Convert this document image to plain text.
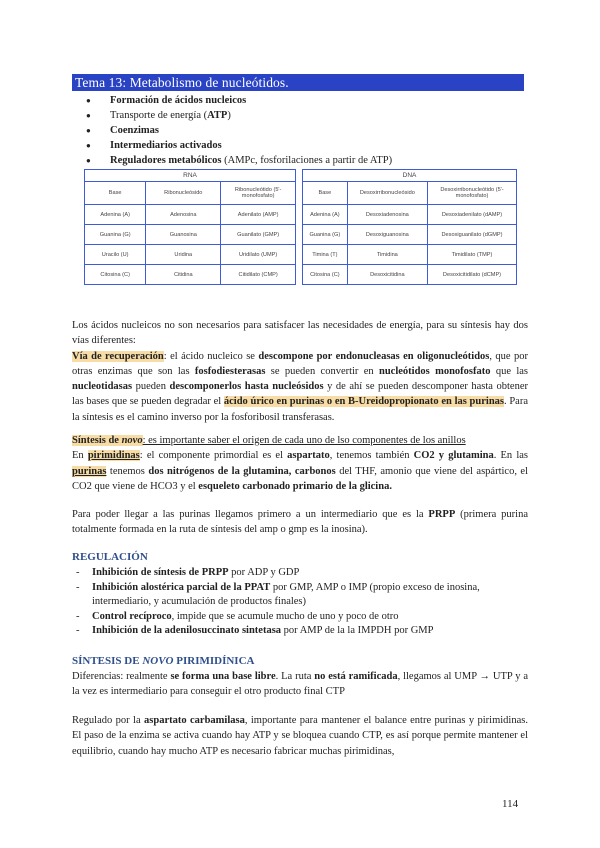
Tema 13: Metabolismo de nucleótidos.
● Formación de ácidos nucleicos
● Transporte de energía (ATP)
● Coenzimas
● Intermediarios activados
● Reguladores metabólicos (AMPc, fosforilaciones a partir de ATP)
RNA		
Base	Ribonucleósido	Ribonucleótido (5'-monofosfato)
Adenina (A)	Adenosina	Adenilato (AMP)
Guanina (G)	Guanosina	Guanilato (GMP)
Uracilo (U)	Uridina	Uridilato (UMP)
Citosina (C)	Citidina	Citidilato (CMP)
DNA		
Base	Desoxirribonucleósido	Desoxirribonucleótido (5'-monofosfato)
Adenina (A)	Desoxiadenosina	Desoxiadenilato (dAMP)
Guanina (G)	Desoxiguanosina	Desoxiguanilato (dGMP)
Timina (T)	Timidina	Timidilato (TMP)
Citosina (C)	Desoxicitidina	Desoxicitidilato (dCMP)
Los ácidos nucleicos no son necesarios para satisfacer las necesidades de energía, para su síntesis hay dos vías diferentes:
Vía de recuperación: el ácido nucleico se descompone por endonucleasas en oligonucleótidos, que por otras enzimas que son las fosfodiesterasas se pueden convertir en nucleótidos monofosfato que las nucleotidasas pueden descomponerlos hasta nucleósidos y de ahí se pueden descomponer hasta obtener las bases que se pueden degradar el ácido úrico en purinas o en B-Ureidopropionato en las purinas. Para la síntesis es el camino inverso por la fosforibosil transferasas.
Síntesis de novo: es importante saber el origen de cada uno de lso componentes de los anillos
En pirimidinas: el componente primordial es el aspartato, tenemos también CO2 y glutamina. En las purinas tenemos dos nitrógenos de la glutamina, carbonos del THF, amonio que viene del aspártico, el CO2 que viene de HCO3 y el esqueleto carbonado primario de la glicina.
Para poder llegar a las purinas llegamos primero a un intermediario que es la PRPP (primera purina totalmente formada en la ruta de síntesis del amp o gmp es la inosina).
REGULACIÓN
- Inhibición de síntesis de PRPP por ADP y GDP
- Inhibición alostérica parcial de la PPAT por GMP, AMP o IMP (propio exceso de inosina, intermediario, y acumulación de productos finales)
- Control recíproco, impide que se acumule mucho de uno y poco de otro
- Inhibición de la adenilosuccinato sintetasa por AMP de la la IMPDH por GMP
SÍNTESIS DE NOVO PIRIMIDÍNICA
Diferencias: realmente se forma una base libre. La ruta no está ramificada, llegamos al UMP → UTP y a la vez es intermediario para conseguir el otro producto final CTP
Regulado por la aspartato carbamilasa, importante para mantener el balance entre purinas y pirimidinas. El paso de la enzima se activa cuando hay ATP y se bloquea cuando CTP, es así porque permite mantener el equilibrio, cuando hay mucho ATP es necesario fabricar muchas pirimidinas,
114
